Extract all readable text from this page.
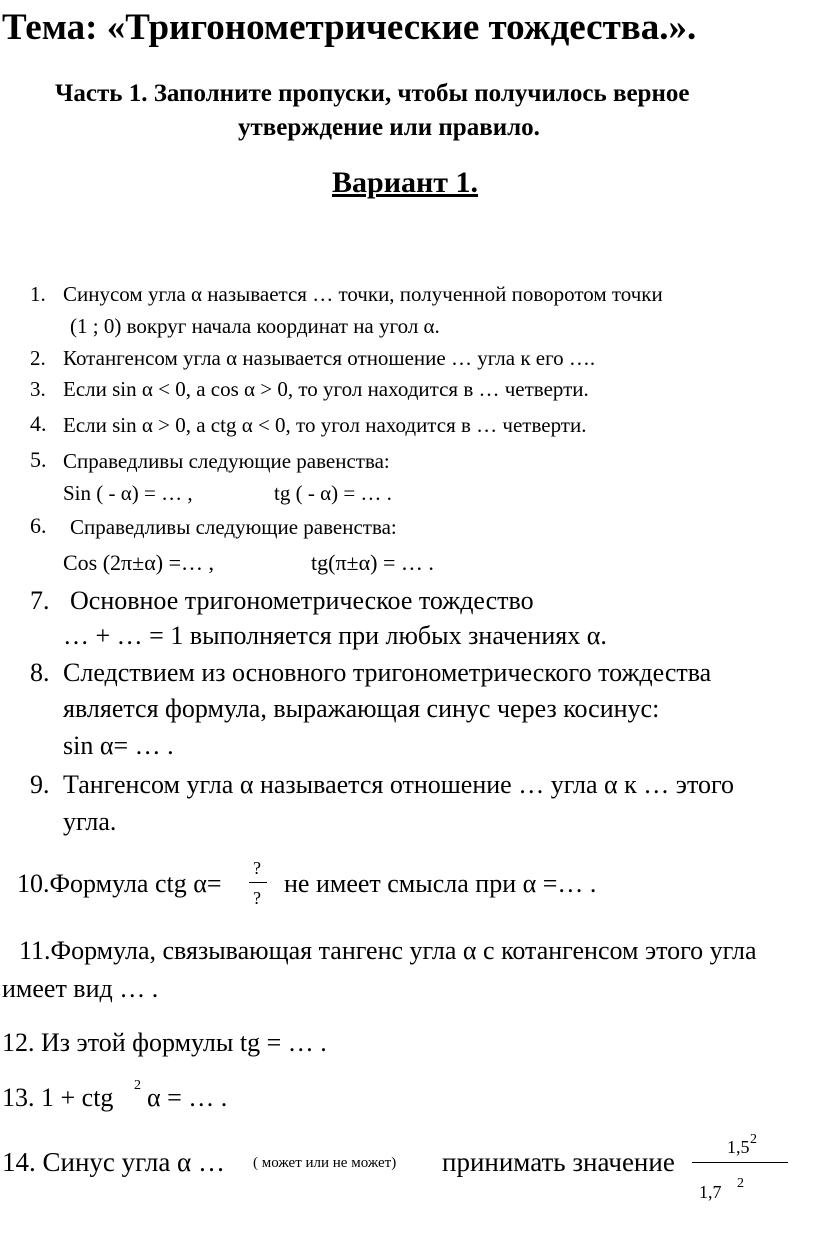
Тема: «Тригонометрические тождества.».
Часть 1. Заполните пропуски, чтобы получилось верное
утверждение или правило.
Вариант 1.
1. Синусом угла α называется … точки, полученной поворотом точки
(1 ; 0) вокруг начала координат на угол α.
2. Котангенсом угла α называется отношение … угла к его ….
3. Если sin α < 0, а cos α > 0, то угол находится в … четверти.
4. Если sin α > 0, а ctg α < 0, то угол находится в … четверти.
5. Справедливы следующие равенства:
Sin ( - α) = … ,	tg ( - α) = … .
6. Справедливы следующие равенства:
Cos (2π±α) =… ,	tg(π±α) = … .
7. Основное тригонометрическое тождество
… + … = 1 выполняется при любых значениях α.
8. Следствием из основного тригонометрического тождества
является формула, выражающая синус через косинус:
sin α= … .
9. Тангенсом угла α называется отношение … угла α к … этого
угла.
10.Формула ctg α=
?
? не имеет смысла при α =… .
11.Формула, связывающая тангенс угла α с котангенсом этого угла
имеет вид … .
12. Из этой формулы tg = … .
13. 1 + ctg 2 α = … .
14. Синус угла α … ( может или не может) принимать значение	1,5 2
1,7 2
